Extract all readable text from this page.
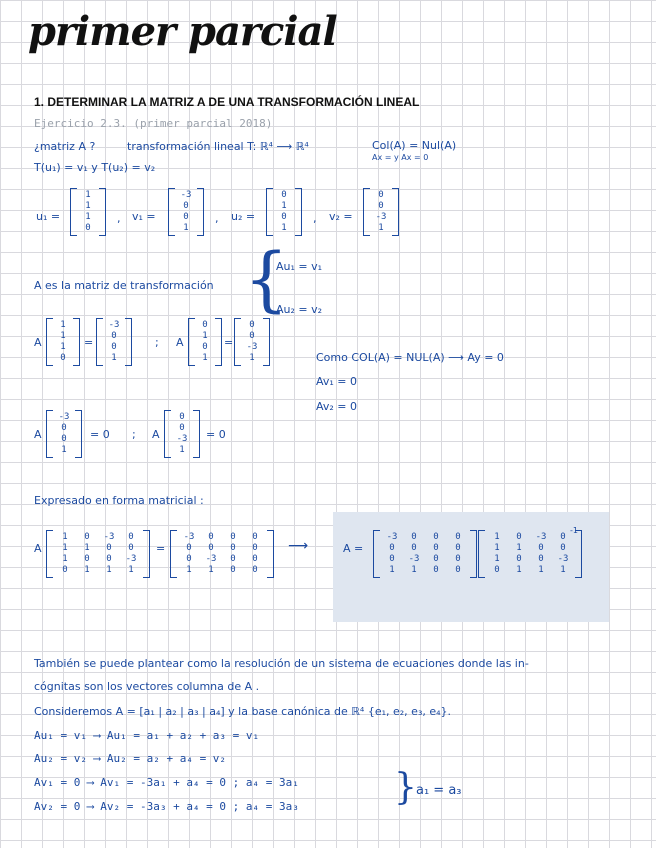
primer parcial
1. DETERMINAR LA MATRIZ A DE UNA TRANSFORMACIÓN LINEAL
Ejercicio 2.3. (primer parcial 2018)
¿matriz A ?	transformación lineal T: ℝ⁴ ⟶ ℝ⁴	Col(A) = Nul(A)
Ax = y Ax = 0
T(u₁) = v₁ y T(u₂) = v₂
u₁ =
1
1
1
0
, v₁ =
-3
0
0
1
, u₂ =
0
1
0
1
, v₂ =
0
0
-3
1
A es la matriz de transformación {
Au₁ = v₁
Au₂ = v₂
A
1
1
1
0
=
-3
0
0
1
; A
0
1
0
1
=
0
0
-3
1	Como COL(A) = NUL(A) ⟶ Ay = 0
Av₁ = 0
Av₂ = 0
A
-3
0
0
1
= 0 ; A
0
0
-3
1
= 0
Expresado en forma matricial :
A
1	0	-3	0
1	1	0	0
1	0	0	-3
0	1	1	1
=
-3	0	0	0
0	0	0	0
0	-3	0	0
1	1	0	0
⟶	A =
-3	0	0	0
0	0	0	0
0	-3	0	0
1	1	0	0
1	0	-3	0
1	1	0	0
1	0	0	-3
0	1	1	1
-1
También se puede plantear como la resolución de un sistema de ecuaciones donde las in-
cógnitas son los vectores columna de A .
Consideremos A = [a₁ | a₂ | a₃ | a₄] y la base canónica de ℝ⁴ {e₁, e₂, e₃, e₄}.
Au₁ = v₁ ⟶ Au₁ = a₁ + a₂ + a₃ = v₁
Au₂ = v₂ ⟶ Au₂ = a₂ + a₄ = v₂
Av₁ = 0 ⟶ Av₁ = -3a₁ + a₄ = 0 ; a₄ = 3a₁
Av₂ = 0 ⟶ Av₂ = -3a₃ + a₄ = 0 ; a₄ = 3a₃	} a₁ = a₃
